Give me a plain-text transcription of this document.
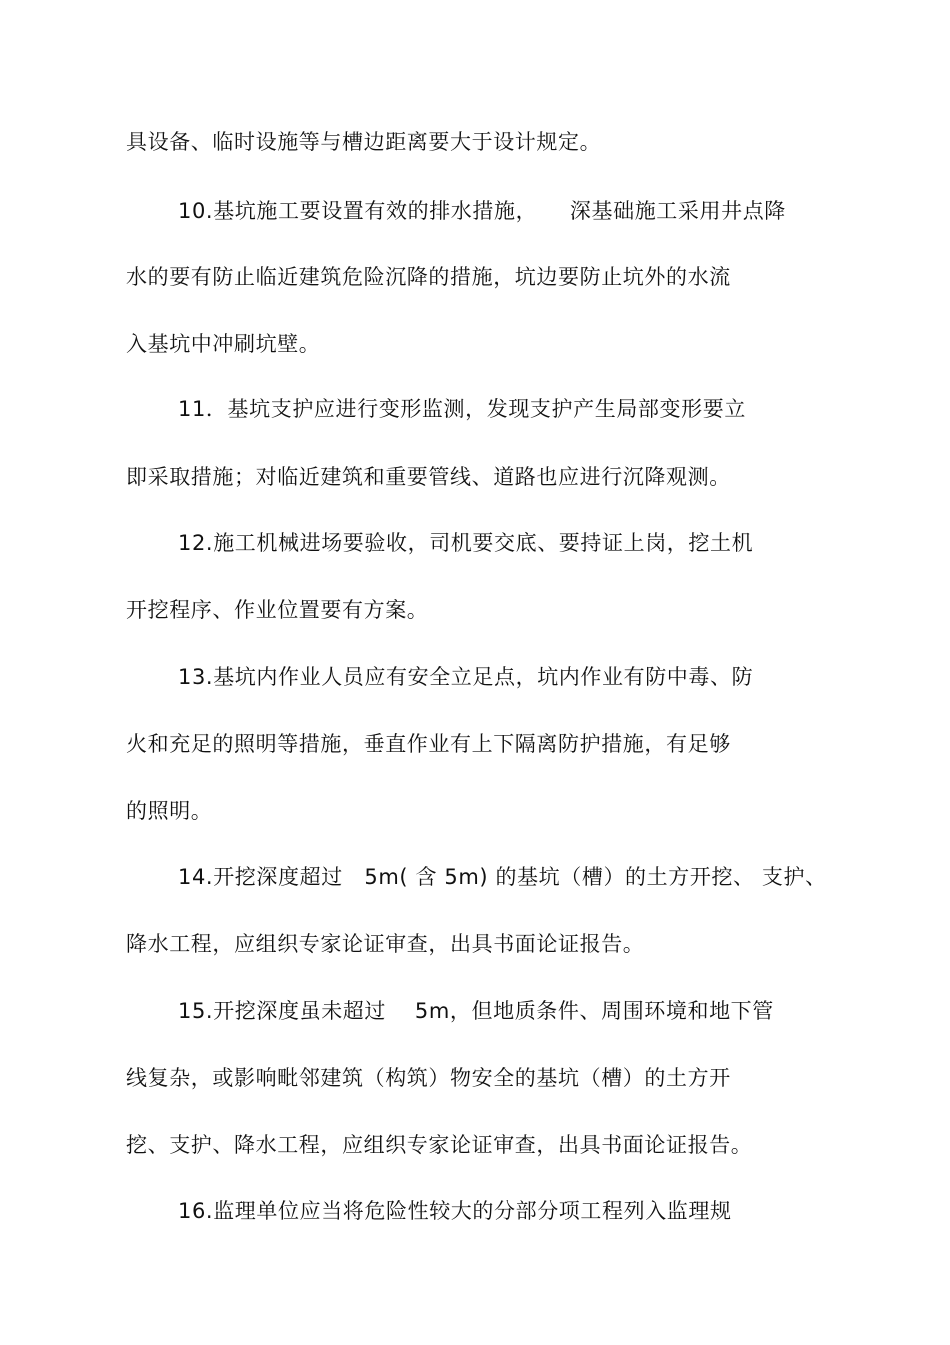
具设备、临时设施等与槽边距离要大于设计规定。
10.基坑施工要设置有效的排水措施，　　深基础施工采用井点降
水的要有防止临近建筑危险沉降的措施，坑边要防止坑外的水流
入基坑中冲刷坑壁。
11．基坑支护应进行变形监测，发现支护产生局部变形要立
即采取措施；对临近建筑和重要管线、道路也应进行沉降观测。
12.施工机械进场要验收，司机要交底、要持证上岗，挖土机
开挖程序、作业位置要有方案。
13.基坑内作业人员应有安全立足点，坑内作业有防中毒、防
火和充足的照明等措施，垂直作业有上下隔离防护措施，有足够
的照明。
14.开挖深度超过　5m( 含 5m) 的基坑（槽）的土方开挖、 支护、
降水工程，应组织专家论证审查，出具书面论证报告。
15.开挖深度虽未超过　 5m，但地质条件、周围环境和地下管
线复杂，或影响毗邻建筑（构筑）物安全的基坑（槽）的土方开
挖、支护、降水工程，应组织专家论证审查，出具书面论证报告。
16.监理单位应当将危险性较大的分部分项工程列入监理规
